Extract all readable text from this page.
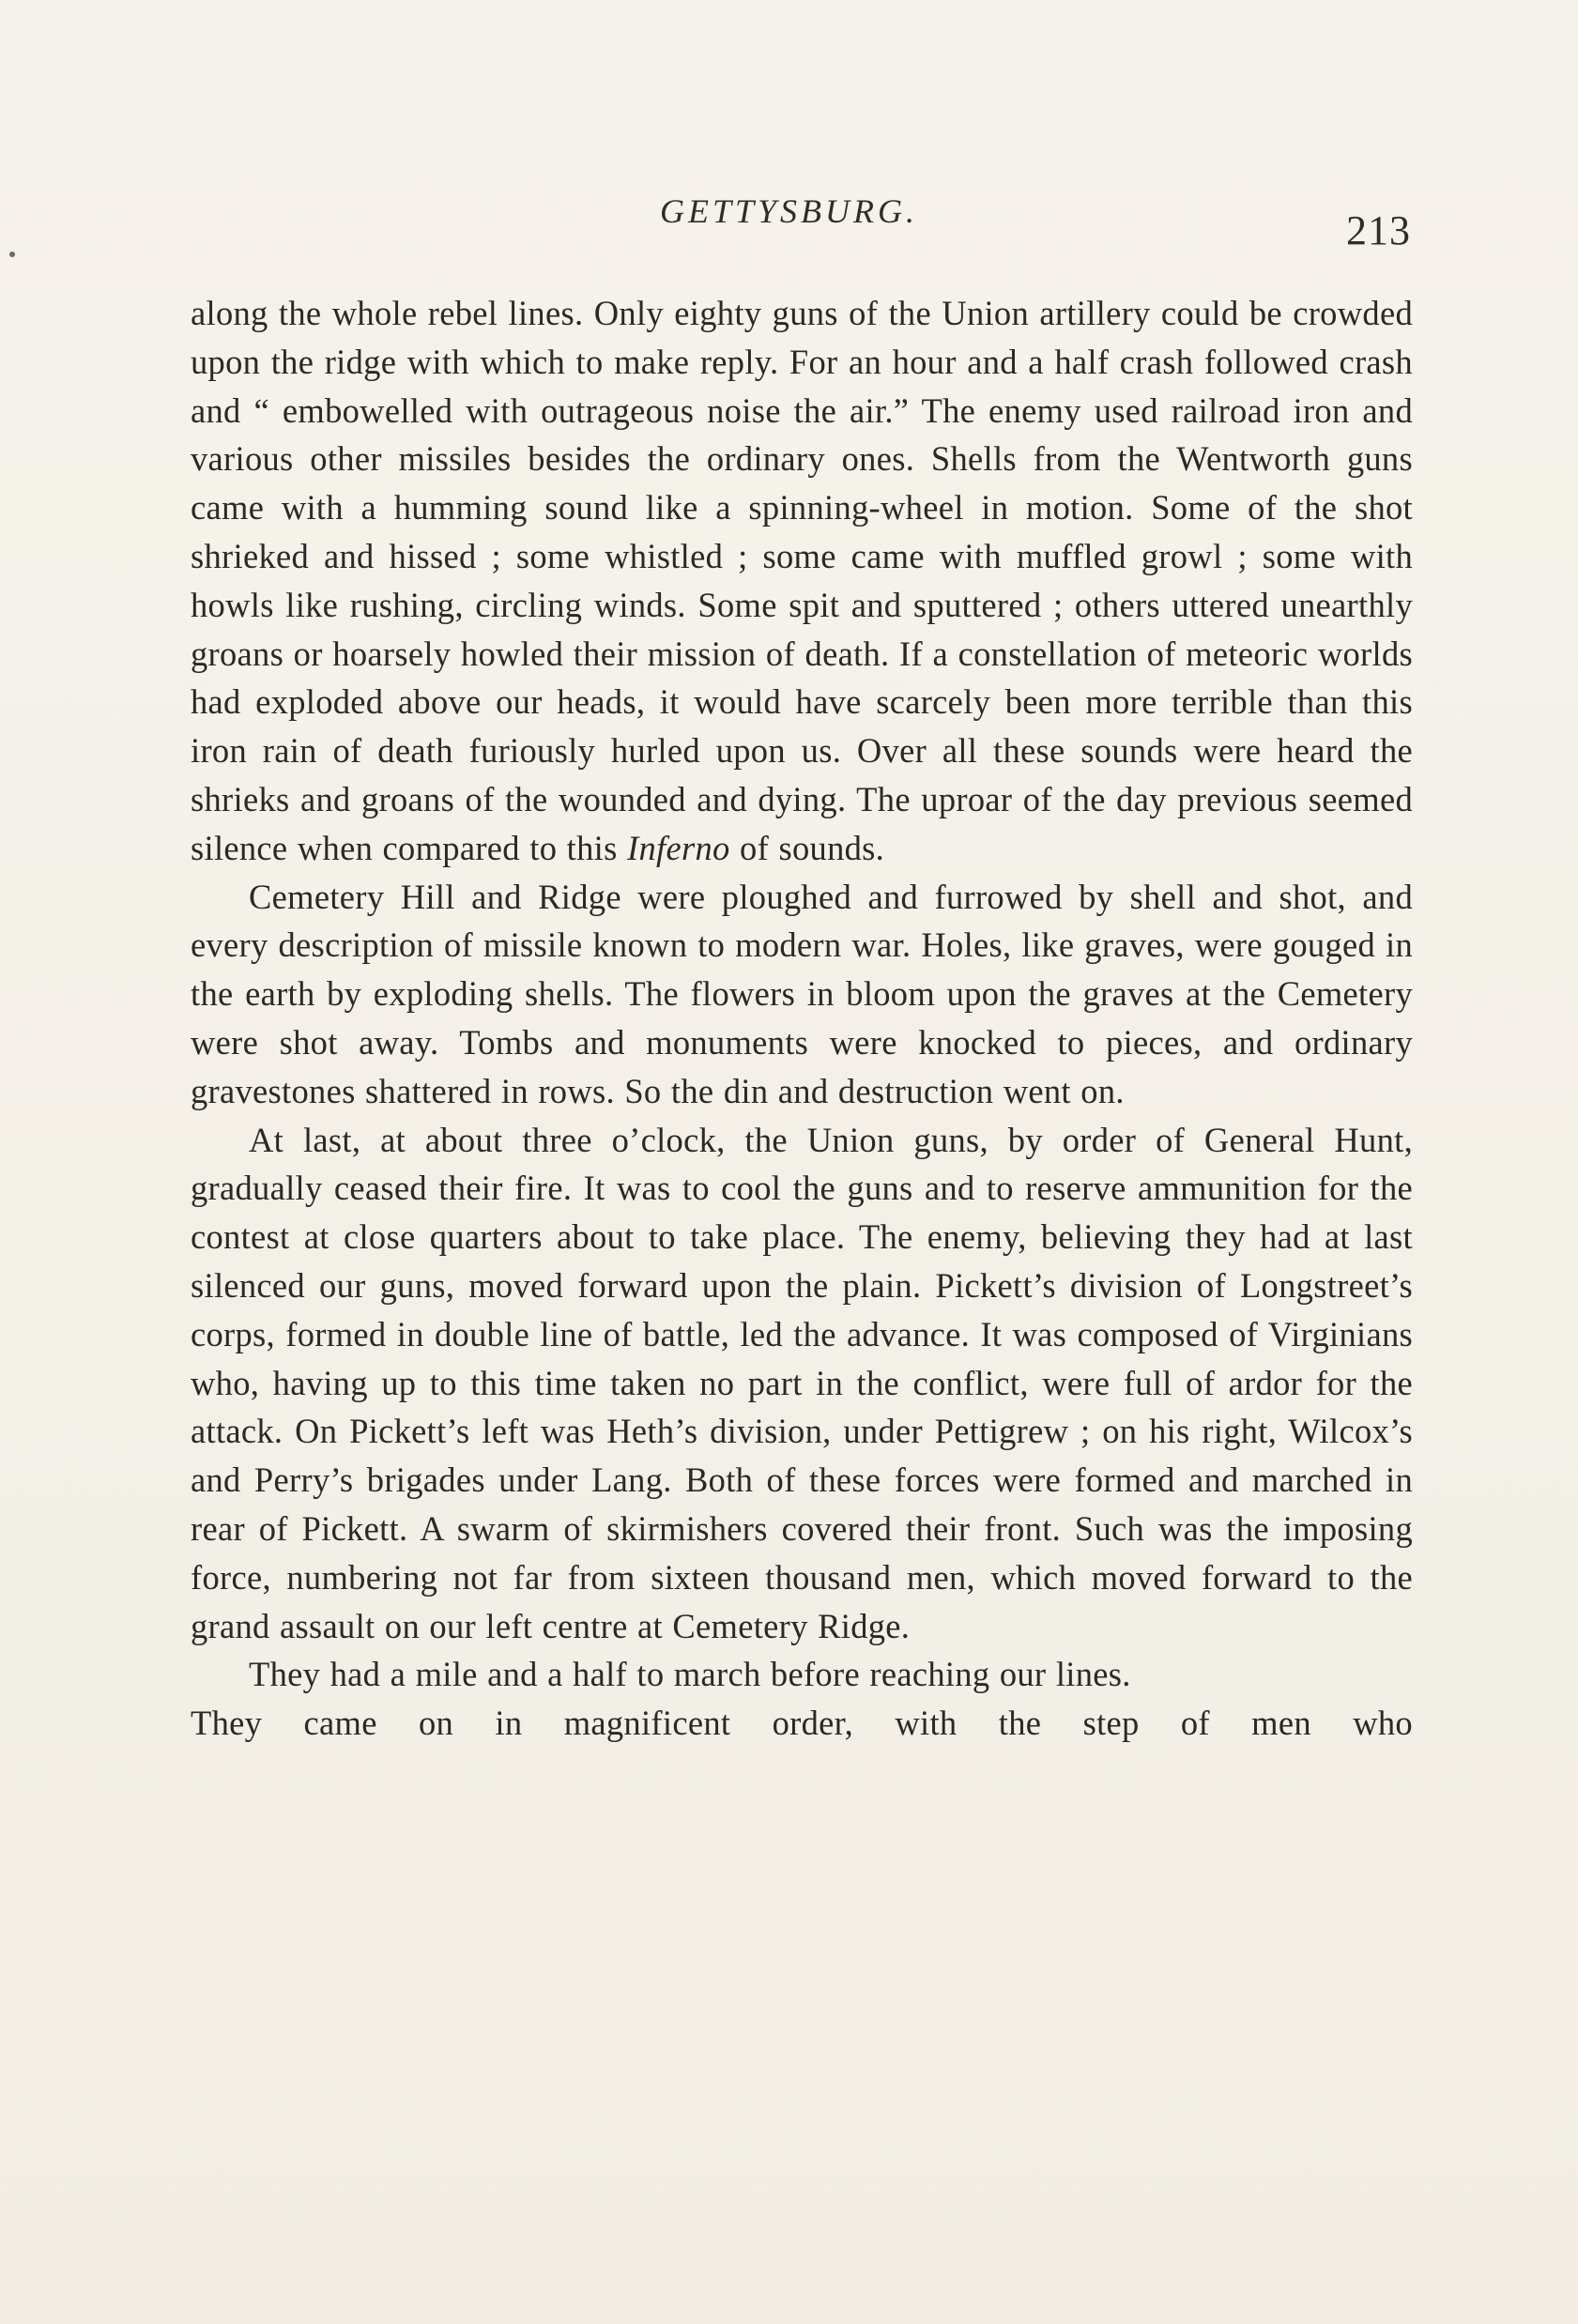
GETTYSBURG.	213

along the whole rebel lines. Only eighty guns of the Union artillery could be crowded upon the ridge with which to make reply. For an hour and a half crash followed crash and “ embowelled with outrageous noise the air.” The enemy used railroad iron and various other missiles besides the ordinary ones. Shells from the Wentworth guns came with a humming sound like a spinning-wheel in motion. Some of the shot shrieked and hissed ; some whistled ; some came with muffled growl ; some with howls like rushing, circling winds. Some spit and sputtered ; others uttered unearthly groans or hoarsely howled their mission of death. If a constellation of meteoric worlds had exploded above our heads, it would have scarcely been more terrible than this iron rain of death furiously hurled upon us. Over all these sounds were heard the shrieks and groans of the wounded and dying. The uproar of the day previous seemed silence when compared to this Inferno of sounds.

Cemetery Hill and Ridge were ploughed and furrowed by shell and shot, and every description of missile known to modern war. Holes, like graves, were gouged in the earth by exploding shells. The flowers in bloom upon the graves at the Cemetery were shot away. Tombs and monuments were knocked to pieces, and ordinary gravestones shattered in rows. So the din and destruction went on.

At last, at about three o’clock, the Union guns, by order of General Hunt, gradually ceased their fire. It was to cool the guns and to reserve ammunition for the contest at close quarters about to take place. The enemy, believing they had at last silenced our guns, moved forward upon the plain. Pickett’s division of Longstreet’s corps, formed in double line of battle, led the advance. It was composed of Virginians who, having up to this time taken no part in the conflict, were full of ardor for the attack. On Pickett’s left was Heth’s division, under Pettigrew ; on his right, Wilcox’s and Perry’s brigades under Lang. Both of these forces were formed and marched in rear of Pickett. A swarm of skirmishers covered their front. Such was the imposing force, numbering not far from sixteen thousand men, which moved forward to the grand assault on our left centre at Cemetery Ridge.

They had a mile and a half to march before reaching our lines.
They came on in magnificent order, with the step of men who
